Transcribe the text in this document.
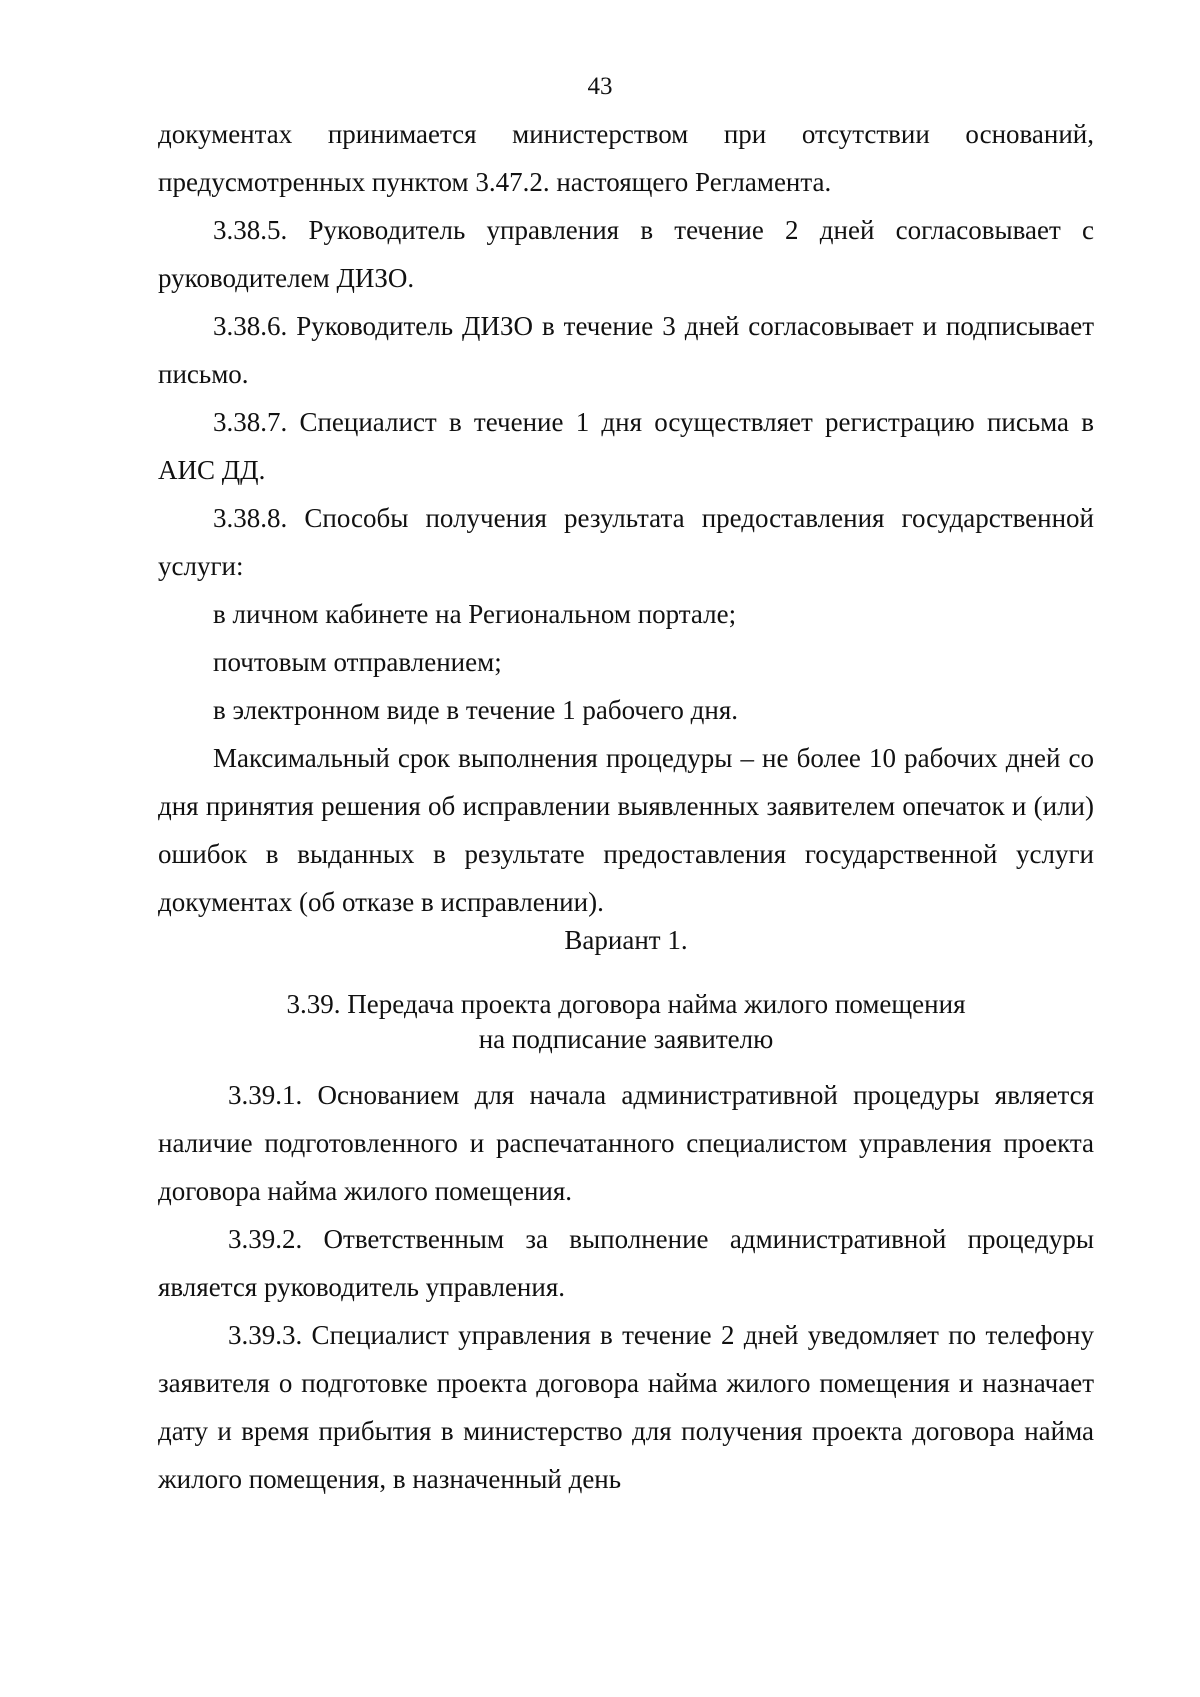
43

документах принимается министерством при отсутствии оснований, предусмотренных пунктом 3.47.2. настоящего Регламента.

3.38.5. Руководитель управления в течение 2 дней согласовывает с руководителем ДИЗО.

3.38.6. Руководитель ДИЗО в течение 3 дней согласовывает и подписывает письмо.

3.38.7. Специалист в течение 1 дня осуществляет регистрацию письма в АИС ДД.

3.38.8. Способы получения результата предоставления государственной услуги:

в личном кабинете на Региональном портале;

почтовым отправлением;

в электронном виде в течение 1 рабочего дня.

Максимальный срок выполнения процедуры – не более 10 рабочих дней со дня принятия решения об исправлении выявленных заявителем опечаток и (или) ошибок в выданных в результате предоставления государственной услуги документах (об отказе в исправлении).

Вариант 1.
3.39. Передача проекта договора найма жилого помещения
на подписание заявителю

3.39.1. Основанием для начала административной процедуры является наличие подготовленного и распечатанного специалистом управления проекта договора найма жилого помещения.

3.39.2. Ответственным за выполнение административной процедуры является руководитель управления.

3.39.3. Специалист управления в течение 2 дней уведомляет по телефону заявителя о подготовке проекта договора найма жилого помещения и назначает дату и время прибытия в министерство для получения проекта договора найма жилого помещения, в назначенный день
